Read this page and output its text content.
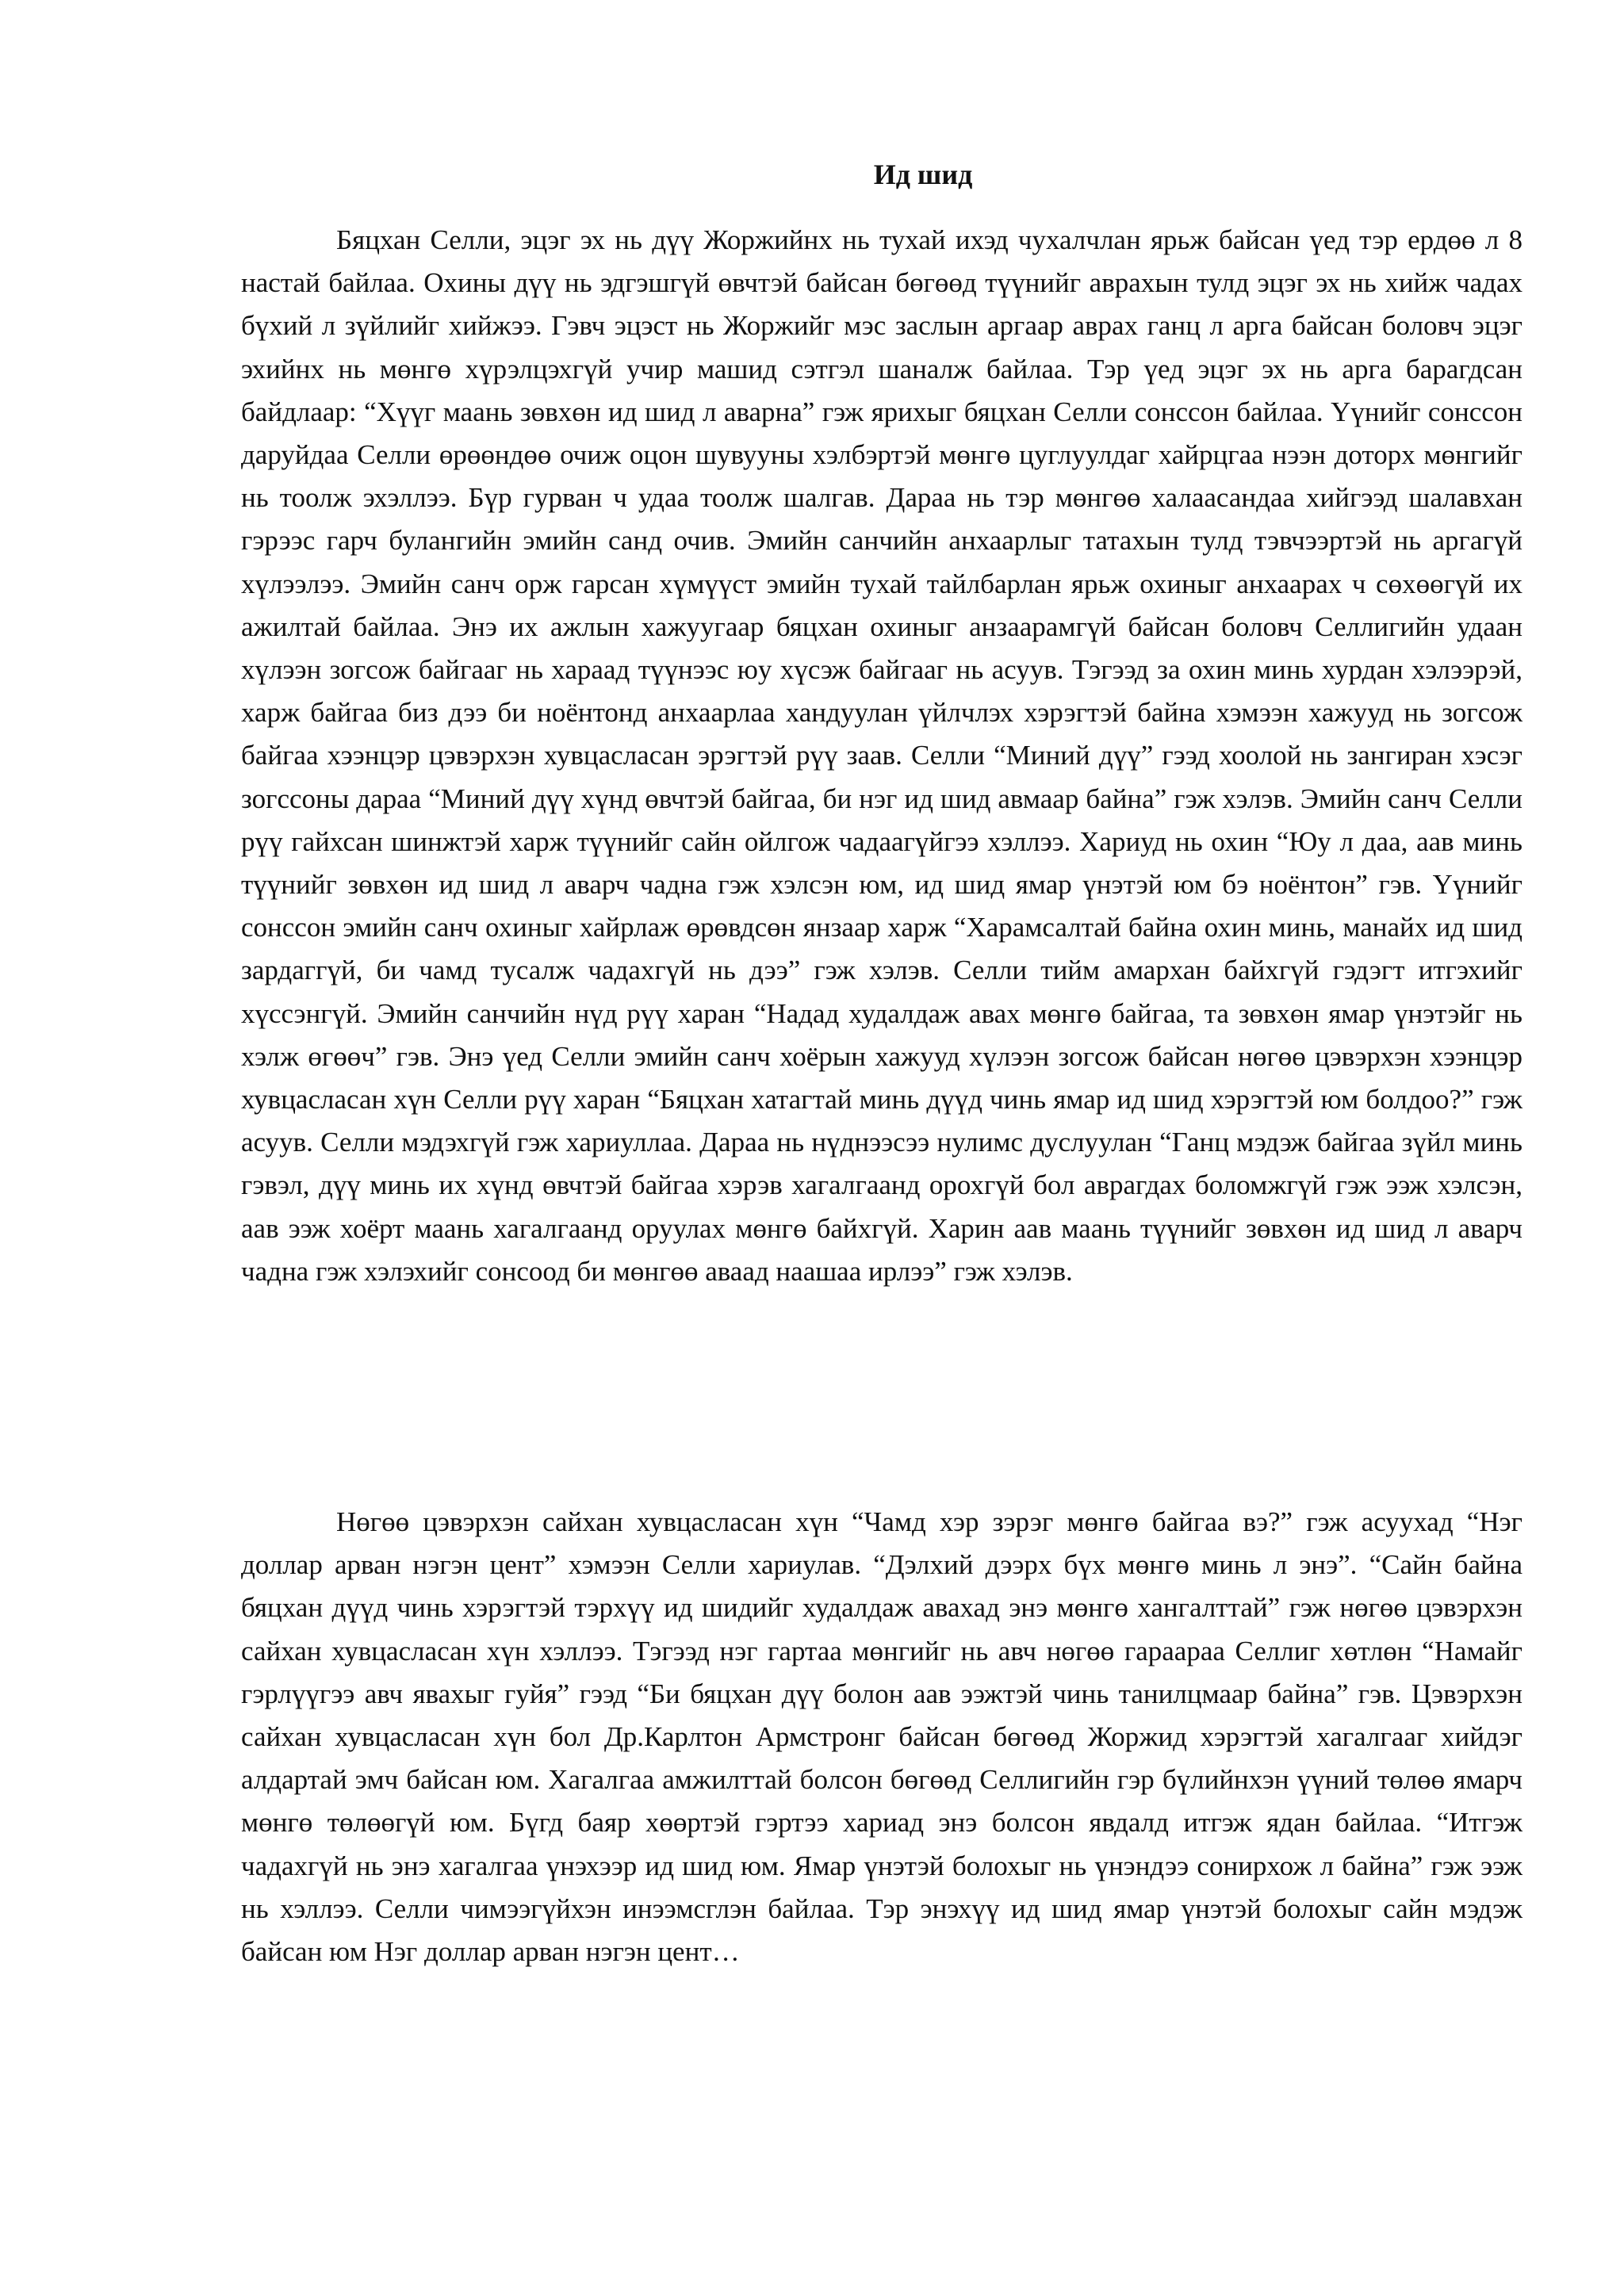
Ид шид

Бяцхан Селли, эцэг эх нь дүү Жоржийнх нь тухай ихэд чухалчлан ярьж байсан үед тэр ердөө л 8 настай байлаа. Охины дүү нь эдгэшгүй өвчтэй байсан бөгөөд түүнийг аврахын тулд эцэг эх нь хийж чадах бүхий л зүйлийг хийжээ. Гэвч эцэст нь Жоржийг мэс заслын аргаар аврах ганц л арга байсан боловч эцэг эхийнх нь мөнгө хүрэлцэхгүй учир машид сэтгэл шаналж байлаа. Тэр үед эцэг эх нь арга барагдсан байдлаар: “Хүүг маань зөвхөн ид шид л аварна” гэж ярихыг бяцхан Селли сонссон байлаа. Үүнийг сонссон даруйдаа Селли өрөөндөө очиж оцон шувууны хэлбэртэй мөнгө цуглуулдаг хайрцгаа нээн доторх мөнгийг нь тоолж эхэллээ. Бүр гурван ч удаа тоолж шалгав. Дараа нь тэр мөнгөө халаасандаа хийгээд шалавхан гэрээс гарч булангийн эмийн санд очив. Эмийн санчийн анхаарлыг татахын тулд тэвчээртэй нь аргагүй хүлээлээ. Эмийн санч орж гарсан хүмүүст эмийн тухай тайлбарлан ярьж охиныг анхаарах ч сөхөөгүй их ажилтай байлаа. Энэ их ажлын хажуугаар бяцхан охиныг анзаарамгүй байсан боловч Селлигийн удаан хүлээн зогсож байгааг нь хараад түүнээс юу хүсэж байгааг нь асуув. Тэгээд за охин минь хурдан хэлээрэй, харж байгаа биз дээ би ноёнтонд анхаарлаа хандуулан үйлчлэх хэрэгтэй байна хэмээн хажууд нь зогсож байгаа хээнцэр цэвэрхэн хувцасласан эрэгтэй рүү заав. Селли “Миний дүү” гээд хоолой нь зангиран хэсэг зогссоны дараа “Миний дүү хүнд өвчтэй байгаа, би нэг ид шид авмаар байна” гэж хэлэв. Эмийн санч Селли рүү гайхсан шинжтэй харж түүнийг сайн ойлгож чадаагүйгээ хэллээ. Хариуд нь охин “Юу л даа, аав минь түүнийг зөвхөн ид шид л аварч чадна гэж хэлсэн юм, ид шид ямар үнэтэй юм бэ ноёнтон” гэв. Үүнийг сонссон эмийн санч охиныг хайрлаж өрөвдсөн янзаар харж “Харамсалтай байна охин минь, манайх ид шид зардаггүй, би чамд тусалж чадахгүй нь дээ” гэж хэлэв. Селли тийм амархан байхгүй гэдэгт итгэхийг хүссэнгүй. Эмийн санчийн нүд рүү харан “Надад худалдаж авах мөнгө байгаа, та зөвхөн ямар үнэтэйг нь хэлж өгөөч” гэв. Энэ үед Селли эмийн санч хоёрын хажууд хүлээн зогсож байсан нөгөө цэвэрхэн хээнцэр хувцасласан хүн Селли рүү харан “Бяцхан хатагтай минь дүүд чинь ямар ид шид хэрэгтэй юм болдоо?” гэж асуув. Селли мэдэхгүй гэж хариуллаа. Дараа нь нүднээсээ нулимс дуслуулан “Ганц мэдэж байгаа зүйл минь гэвэл, дүү минь их хүнд өвчтэй байгаа хэрэв хагалгаанд орохгүй бол аврагдах боломжгүй гэж ээж хэлсэн, аав ээж хоёрт маань хагалгаанд оруулах мөнгө байхгүй. Харин аав маань түүнийг зөвхөн ид шид л аварч чадна гэж хэлэхийг сонсоод би мөнгөө аваад наашаа ирлээ” гэж хэлэв.

Нөгөө цэвэрхэн сайхан хувцасласан хүн “Чамд хэр зэрэг мөнгө байгаа вэ?” гэж асуухад “Нэг доллар арван нэгэн цент” хэмээн Селли хариулав. “Дэлхий дээрх бүх мөнгө минь л энэ”. “Сайн байна бяцхан дүүд чинь хэрэгтэй тэрхүү ид шидийг худалдаж авахад энэ мөнгө хангалттай” гэж нөгөө цэвэрхэн сайхан хувцасласан хүн хэллээ. Тэгээд нэг гартаа мөнгийг нь авч нөгөө гараараа Селлиг хөтлөн “Намайг гэрлүүгээ авч явахыг гуйя” гээд “Би бяцхан дүү болон аав ээжтэй чинь танилцмаар байна” гэв. Цэвэрхэн сайхан хувцасласан хүн бол Др.Карлтон Армстронг байсан бөгөөд Жоржид хэрэгтэй хагалгааг хийдэг алдартай эмч байсан юм. Хагалгаа амжилттай болсон бөгөөд Селлигийн гэр бүлийнхэн үүний төлөө ямарч мөнгө төлөөгүй юм. Бүгд баяр хөөртэй гэртээ хариад энэ болсон явдалд итгэж ядан байлаа. “Итгэж чадахгүй нь энэ хагалгаа үнэхээр ид шид юм. Ямар үнэтэй болохыг нь үнэндээ сонирхож л байна” гэж ээж нь хэллээ. Селли чимээгүйхэн инээмсглэн байлаа. Тэр энэхүү ид шид ямар үнэтэй болохыг сайн мэдэж байсан юм Нэг доллар арван нэгэн цент…
